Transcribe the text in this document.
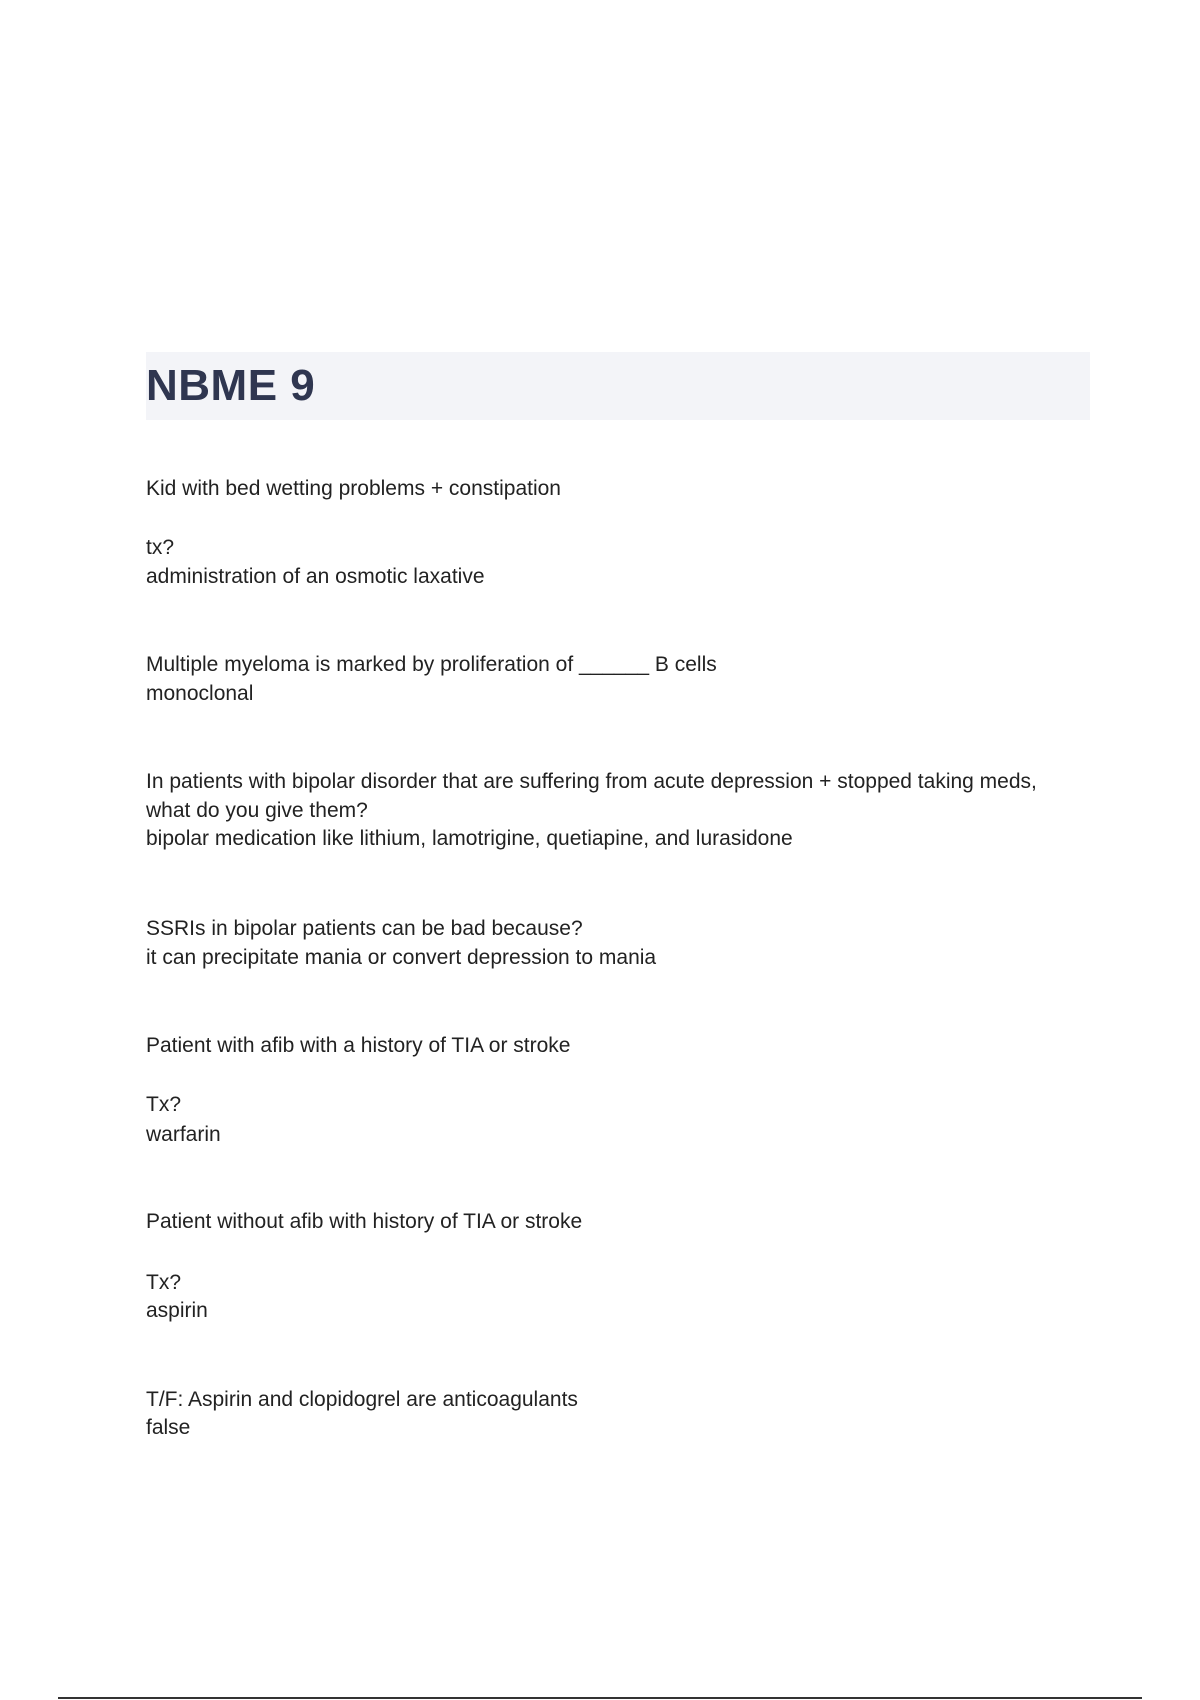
NBME 9

Kid with bed wetting problems + constipation

tx?

administration of an osmotic laxative

Multiple myeloma is marked by proliferation of ______ B cells

monoclonal

In patients with bipolar disorder that are suffering from acute depression + stopped taking meds,

what do you give them?

bipolar medication like lithium, lamotrigine, quetiapine, and lurasidone

SSRIs in bipolar patients can be bad because?

it can precipitate mania or convert depression to mania

Patient with afib with a history of TIA or stroke

Tx?

warfarin

Patient without afib with history of TIA or stroke

Tx?

aspirin

T/F: Aspirin and clopidogrel are anticoagulants

false
